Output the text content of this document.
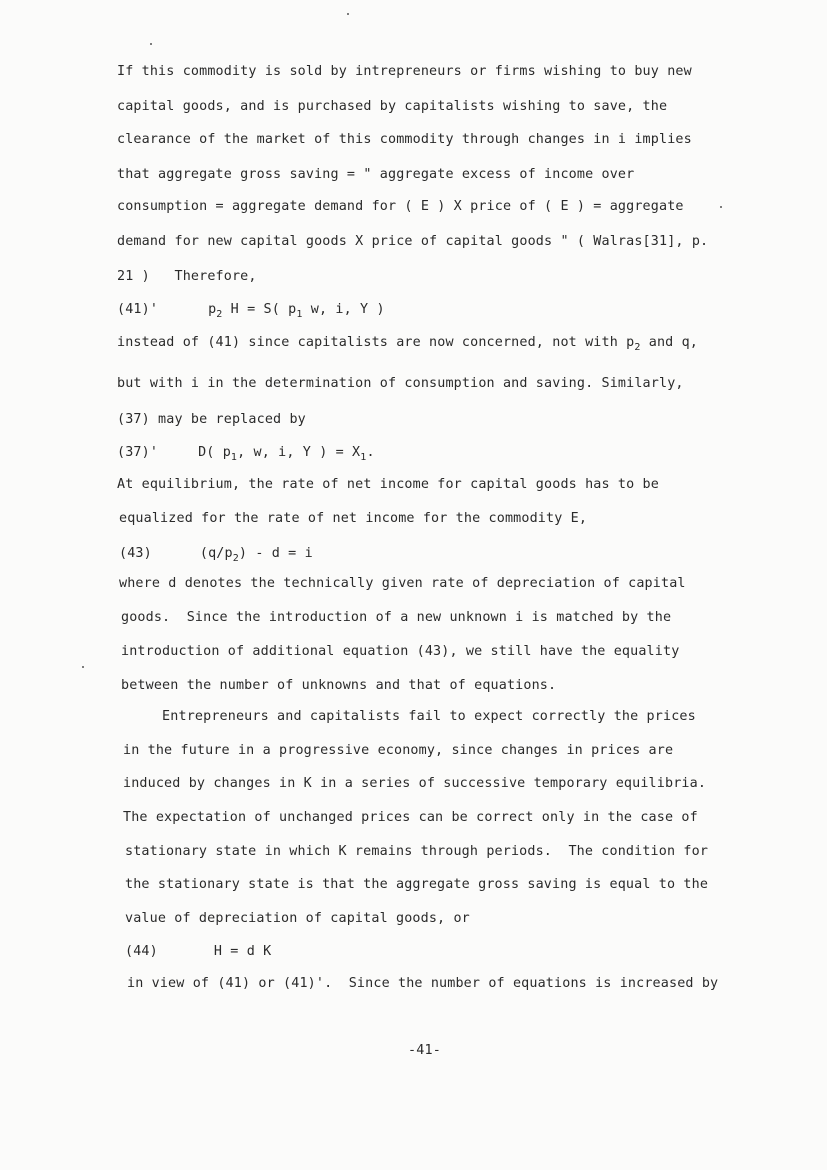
If this commodity is sold by intrepreneurs or firms wishing to buy new
capital goods, and is purchased by capitalists wishing to save, the
clearance of the market of this commodity through changes in i implies
that aggregate gross saving = " aggregate excess of income over
consumption = aggregate demand for ( E ) X price of ( E ) = aggregate
demand for new capital goods X price of capital goods " ( Walras[31], p.
21 )   Therefore,
(41)'	$p_2$ H = S( $p_1$ w, i, Y )
instead of (41) since capitalists are now concerned, not with $p_2$ and q,
but with i in the determination of consumption and saving. Similarly,
(37) may be replaced by
(37)'	D( $p_1$, w, i, Y ) = $X_1$.
At equilibrium, the rate of net income for capital goods has to be
equalized for the rate of net income for the commodity E,
(43)	$(q/p_2) - d = i$
where d denotes the technically given rate of depreciation of capital
goods.  Since the introduction of a new unknown i is matched by the
introduction of additional equation (43), we still have the equality
between the number of unknowns and that of equations.
Entrepreneurs and capitalists fail to expect correctly the prices
in the future in a progressive economy, since changes in prices are
induced by changes in K in a series of successive temporary equilibria.
The expectation of unchanged prices can be correct only in the case of
stationary state in which K remains through periods.  The condition for
the stationary state is that the aggregate gross saving is equal to the
value of depreciation of capital goods, or
(44)	H = d K
in view of (41) or (41)'.  Since the number of equations is increased by
-41-
